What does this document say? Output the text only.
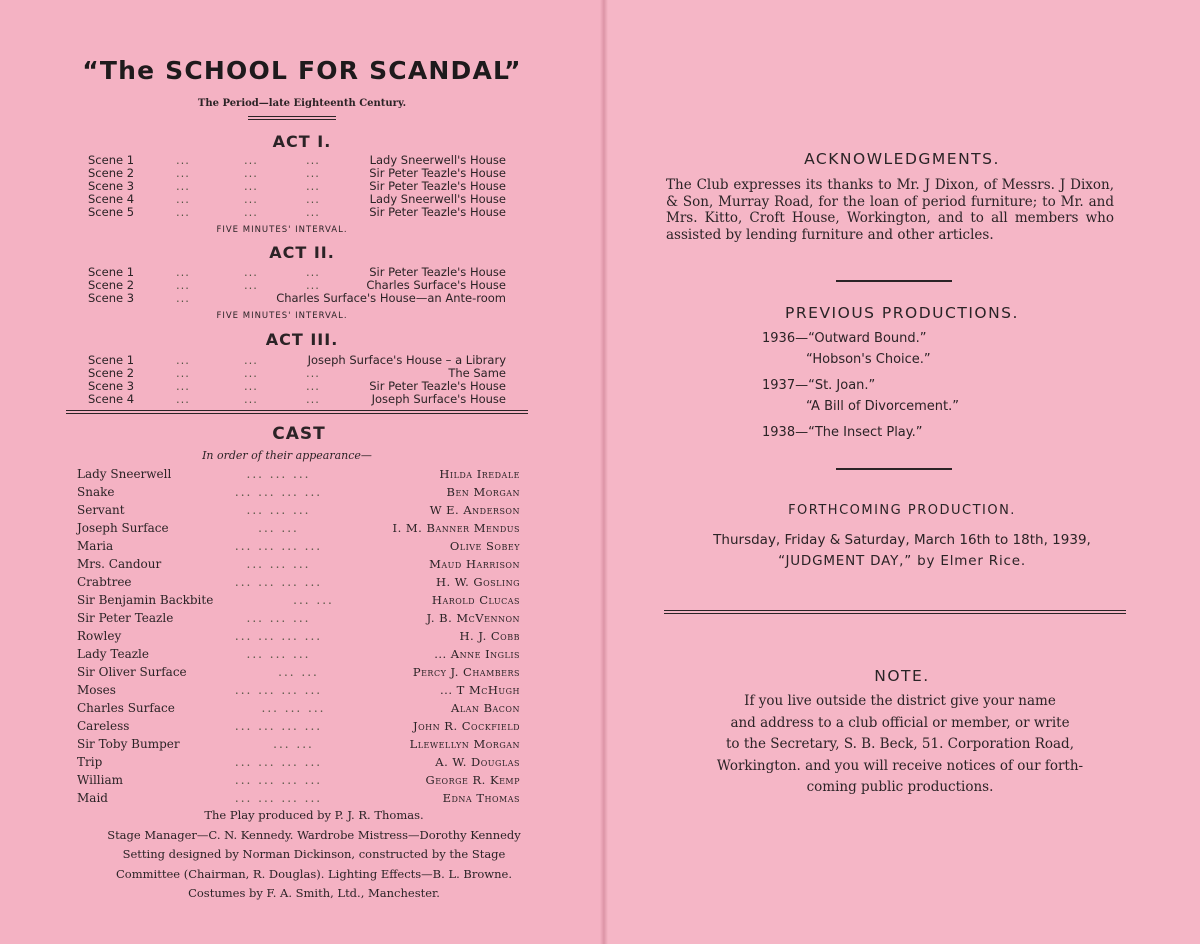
“The SCHOOL FOR SCANDAL”
The Period—late Eighteenth Century.
ACT I.
Scene 1	...	...	...	Lady Sneerwell's House
Scene 2	...	...	...	Sir Peter Teazle's House
Scene 3	...	...	...	Sir Peter Teazle's House
Scene 4	...	...	...	Lady Sneerwell's House
Scene 5	...	...	...	Sir Peter Teazle's House
FIVE MINUTES' INTERVAL.
ACT II.
Scene 1	...	...	...	Sir Peter Teazle's House
Scene 2	...	...	...	Charles Surface's House
Scene 3	...	Charles Surface's House—an Ante-room
FIVE MINUTES' INTERVAL.
ACT III.
Scene 1	...	...	Joseph Surface's House – a Library
Scene 2	...	...	...	The Same
Scene 3	...	...	...	Sir Peter Teazle's House
Scene 4	...	...	...	Joseph Surface's House
CAST
In order of their appearance—
Lady Sneerwell	... ... ...	Hilda Iredale
Snake	... ... ... ...	Ben Morgan
Servant	... ... ...	W E. Anderson
Joseph Surface	... ...	I. M. Banner Mendus
Maria	... ... ... ...	Olive Sobey
Mrs. Candour	... ... ...	Maud Harrison
Crabtree	... ... ... ...	H. W. Gosling
Sir Benjamin Backbite	... ...	Harold Clucas
Sir Peter Teazle	... ... ...	J. B. McVennon
Rowley	... ... ... ...	H. J. Cobb
Lady Teazle	... ... ...	... Anne Inglis
Sir Oliver Surface	... ...	Percy J. Chambers
Moses	... ... ... ...	... T McHugh
Charles Surface	... ... ...	Alan Bacon
Careless	... ... ... ...	John R. Cockfield
Sir Toby Bumper	... ...	Llewellyn Morgan
Trip	... ... ... ...	A. W. Douglas
William	... ... ... ...	George R. Kemp
Maid	... ... ... ...	Edna Thomas
The Play produced by P. J. R. Thomas.
Stage Manager—C. N. Kennedy. Wardrobe Mistress—Dorothy Kennedy
Setting designed by Norman Dickinson, constructed by the Stage
Committee (Chairman, R. Douglas). Lighting Effects—B. L. Browne.
Costumes by F. A. Smith, Ltd., Manchester.
ACKNOWLEDGMENTS.
The Club expresses its thanks to Mr. J Dixon, of Messrs. J Dixon, & Son, Murray Road, for the loan of period furniture; to Mr. and Mrs. Kitto, Croft House, Workington, and to all members who assisted by lending furniture and other articles.
PREVIOUS PRODUCTIONS.
1936—“Outward Bound.”
“Hobson's Choice.”
1937—“St. Joan.”
“A Bill of Divorcement.”
1938—“The Insect Play.”
FORTHCOMING PRODUCTION.
Thursday, Friday & Saturday, March 16th to 18th, 1939,
“JUDGMENT DAY,” by Elmer Rice.
NOTE.
If you live outside the district give your name
and address to a club official or member, or write
to the Secretary, S. B. Beck, 51. Corporation Road,
Workington. and you will receive notices of our forth-
coming public productions.
